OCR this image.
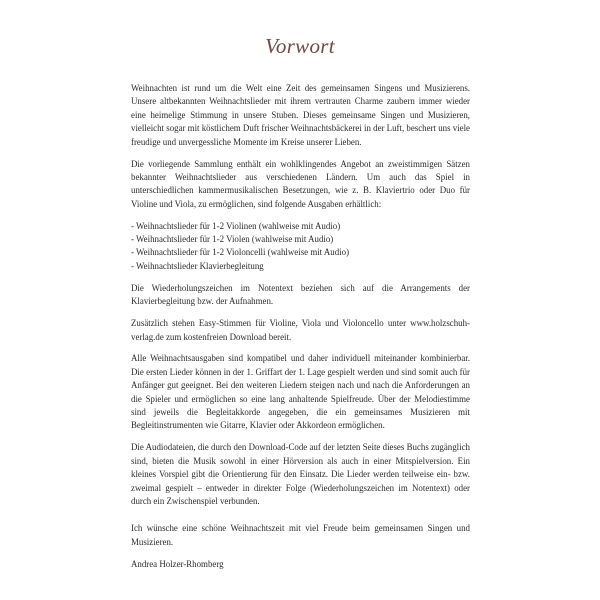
Vorwort

Weihnachten ist rund um die Welt eine Zeit des gemeinsamen Singens und Musizierens. Unsere altbekannten Weihnachtslieder mit ihrem vertrauten Charme zaubern immer wieder eine heimelige Stimmung in unsere Stuben. Dieses gemeinsame Singen und Musizieren, vielleicht sogar mit köstlichem Duft frischer Weihnachtsbäckerei in der Luft, beschert uns viele freudige und unvergessliche Momente im Kreise unserer Lieben.

Die vorliegende Sammlung enthält ein wohlklingendes Angebot an zweistimmigen Sätzen bekannter Weihnachtslieder aus verschiedenen Ländern. Um auch das Spiel in unterschiedlichen kammermusikalischen Besetzungen, wie z. B. Klaviertrio oder Duo für Violine und Viola, zu ermöglichen, sind folgende Ausgaben erhältlich:

- Weihnachtslieder für 1-2 Violinen (wahlweise mit Audio)
- Weihnachtslieder für 1-2 Violen (wahlweise mit Audio)
- Weihnachtslieder für 1-2 Violoncelli (wahlweise mit Audio)
- Weihnachtslieder Klavierbegleitung

Die Wiederholungszeichen im Notentext beziehen sich auf die Arrangements der Klavierbegleitung bzw. der Aufnahmen.

Zusätzlich stehen Easy-Stimmen für Violine, Viola und Violoncello unter www.holzschuh-verlag.de zum kostenfreien Download bereit.

Alle Weihnachtsausgaben sind kompatibel und daher individuell miteinander kombinierbar. Die ersten Lieder können in der 1. Griffart der 1. Lage gespielt werden und sind somit auch für Anfänger gut geeignet. Bei den weiteren Liedern steigen nach und nach die Anforderungen an die Spieler und ermöglichen so eine lang anhaltende Spielfreude. Über der Melodiestimme sind jeweils die Begleitakkorde angegeben, die ein gemeinsames Musizieren mit Begleitinstrumenten wie Gitarre, Klavier oder Akkordeon ermöglichen.

Die Audiodateien, die durch den Download-Code auf der letzten Seite dieses Buchs zugänglich sind, bieten die Musik sowohl in einer Hörversion als auch in einer Mitspielversion. Ein kleines Vorspiel gibt die Orientierung für den Einsatz. Die Lieder werden teilweise ein- bzw. zweimal gespielt – entweder in direkter Folge (Wiederholungszeichen im Notentext) oder durch ein Zwischenspiel verbunden.

Ich wünsche eine schöne Weihnachtszeit mit viel Freude beim gemeinsamen Singen und Musizieren.

Andrea Holzer-Rhomberg
